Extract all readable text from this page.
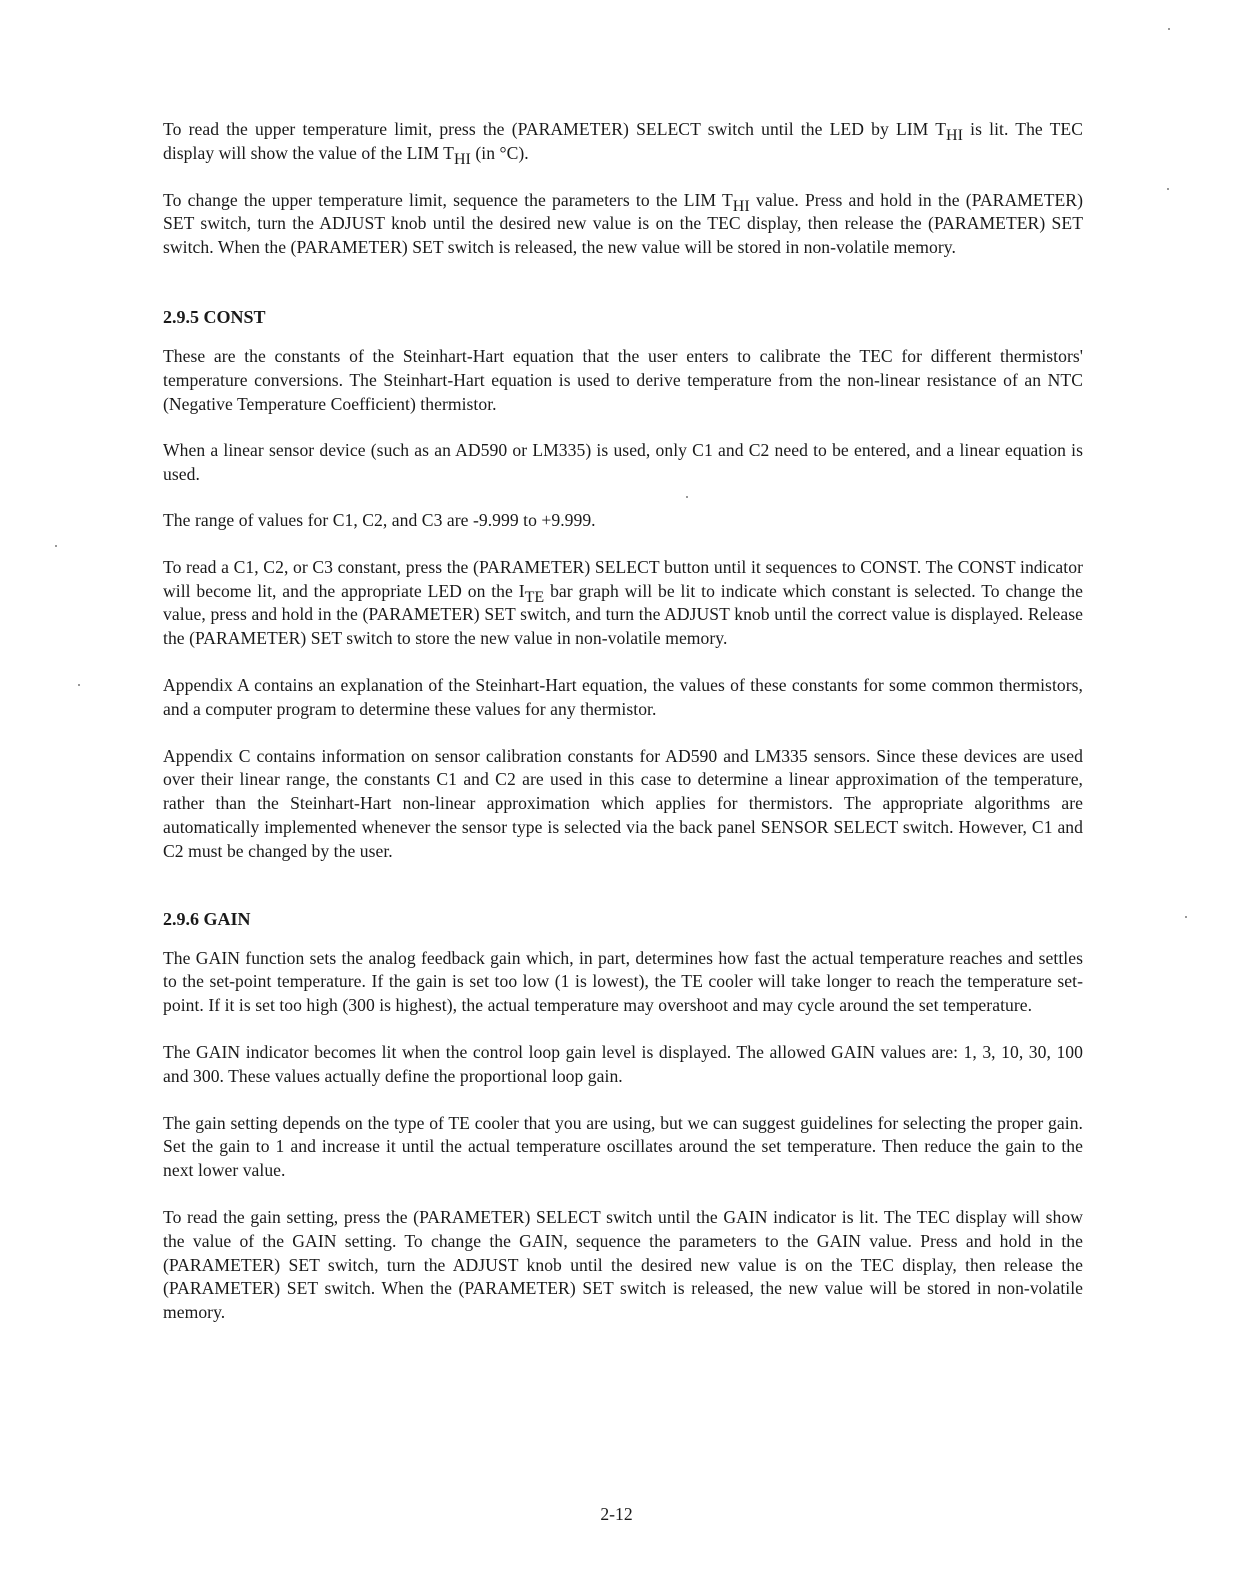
To read the upper temperature limit, press the (PARAMETER) SELECT switch until the LED by LIM $T_{HI}$ is lit. The TEC display will show the value of the LIM $T_{HI}$ (in °C).

To change the upper temperature limit, sequence the parameters to the LIM $T_{HI}$ value. Press and hold in the (PARAMETER) SET switch, turn the ADJUST knob until the desired new value is on the TEC display, then release the (PARAMETER) SET switch. When the (PARAMETER) SET switch is released, the new value will be stored in non-volatile memory.

2.9.5 CONST

These are the constants of the Steinhart-Hart equation that the user enters to calibrate the TEC for different thermistors' temperature conversions. The Steinhart-Hart equation is used to derive temperature from the non-linear resistance of an NTC (Negative Temperature Coefficient) thermistor.

When a linear sensor device (such as an AD590 or LM335) is used, only C1 and C2 need to be entered, and a linear equation is used.

The range of values for C1, C2, and C3 are -9.999 to +9.999.

To read a C1, C2, or C3 constant, press the (PARAMETER) SELECT button until it sequences to CONST. The CONST indicator will become lit, and the appropriate LED on the $I_{TE}$ bar graph will be lit to indicate which constant is selected. To change the value, press and hold in the (PARAMETER) SET switch, and turn the ADJUST knob until the correct value is displayed. Release the (PARAMETER) SET switch to store the new value in non-volatile memory.

Appendix A contains an explanation of the Steinhart-Hart equation, the values of these constants for some common thermistors, and a computer program to determine these values for any thermistor.

Appendix C contains information on sensor calibration constants for AD590 and LM335 sensors. Since these devices are used over their linear range, the constants C1 and C2 are used in this case to determine a linear approximation of the temperature, rather than the Steinhart-Hart non-linear approximation which applies for thermistors. The appropriate algorithms are automatically implemented whenever the sensor type is selected via the back panel SENSOR SELECT switch. However, C1 and C2 must be changed by the user.

2.9.6 GAIN

The GAIN function sets the analog feedback gain which, in part, determines how fast the actual temperature reaches and settles to the set-point temperature. If the gain is set too low (1 is lowest), the TE cooler will take longer to reach the temperature set-point. If it is set too high (300 is highest), the actual temperature may overshoot and may cycle around the set temperature.

The GAIN indicator becomes lit when the control loop gain level is displayed. The allowed GAIN values are: 1, 3, 10, 30, 100 and 300. These values actually define the proportional loop gain.

The gain setting depends on the type of TE cooler that you are using, but we can suggest guidelines for selecting the proper gain. Set the gain to 1 and increase it until the actual temperature oscillates around the set temperature. Then reduce the gain to the next lower value.

To read the gain setting, press the (PARAMETER) SELECT switch until the GAIN indicator is lit. The TEC display will show the value of the GAIN setting. To change the GAIN, sequence the parameters to the GAIN value. Press and hold in the (PARAMETER) SET switch, turn the ADJUST knob until the desired new value is on the TEC display, then release the (PARAMETER) SET switch. When the (PARAMETER) SET switch is released, the new value will be stored in non-volatile memory.

2-12
